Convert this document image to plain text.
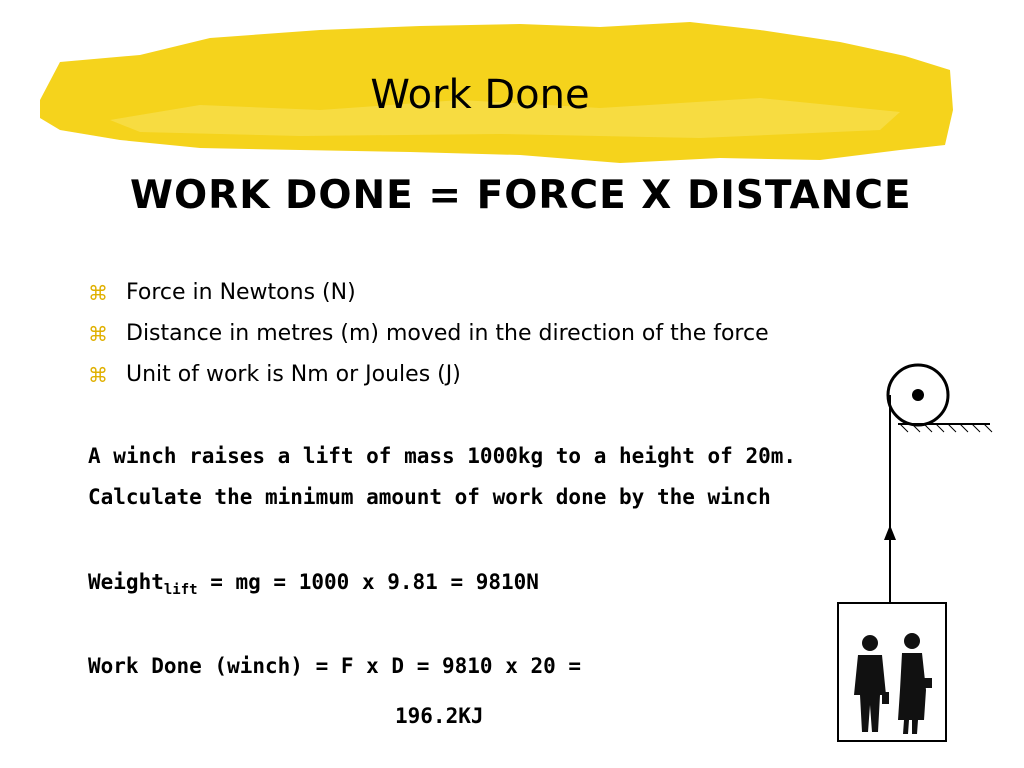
Work Done
WORK DONE = FORCE X DISTANCE
⌘ Force in Newtons (N)
⌘ Distance in metres (m) moved in the direction of the force
⌘ Unit of work is Nm or Joules (J)
A winch raises a lift of mass 1000kg to a height of 20m.
Calculate the minimum amount of work done by the winch
Weight$_{lift}$ = mg = 1000 x 9.81 = 9810N
Work Done (winch) = F x D = 9810 x 20 =
196.2KJ
